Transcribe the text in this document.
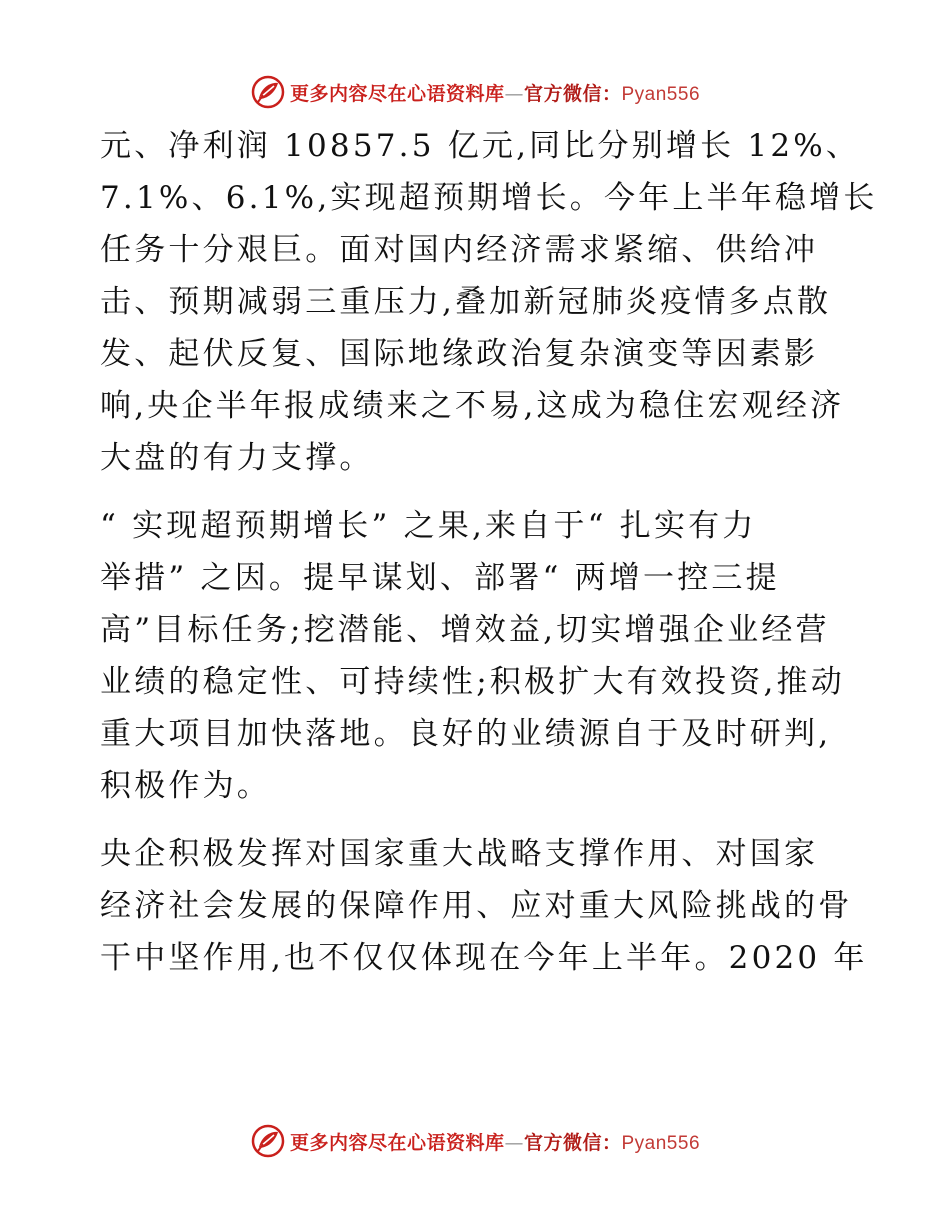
更多内容尽在心语资料库—官方微信：Pyan556

元、净利润 10857.5 亿元,同比分别增长 12%、
7.1%、6.1%,实现超预期增长。今年上半年稳增长
任务十分艰巨。面对国内经济需求紧缩、供给冲
击、预期减弱三重压力,叠加新冠肺炎疫情多点散
发、起伏反复、国际地缘政治复杂演变等因素影
响,央企半年报成绩来之不易,这成为稳住宏观经济
大盘的有力支撑。

“ 实现超预期增长” 之果,来自于“ 扎实有力
举措” 之因。提早谋划、部署“ 两增一控三提
高”目标任务;挖潜能、增效益,切实增强企业经营
业绩的稳定性、可持续性;积极扩大有效投资,推动
重大项目加快落地。良好的业绩源自于及时研判,
积极作为。

央企积极发挥对国家重大战略支撑作用、对国家
经济社会发展的保障作用、应对重大风险挑战的骨
干中坚作用,也不仅仅体现在今年上半年。2020 年

更多内容尽在心语资料库—官方微信：Pyan556
